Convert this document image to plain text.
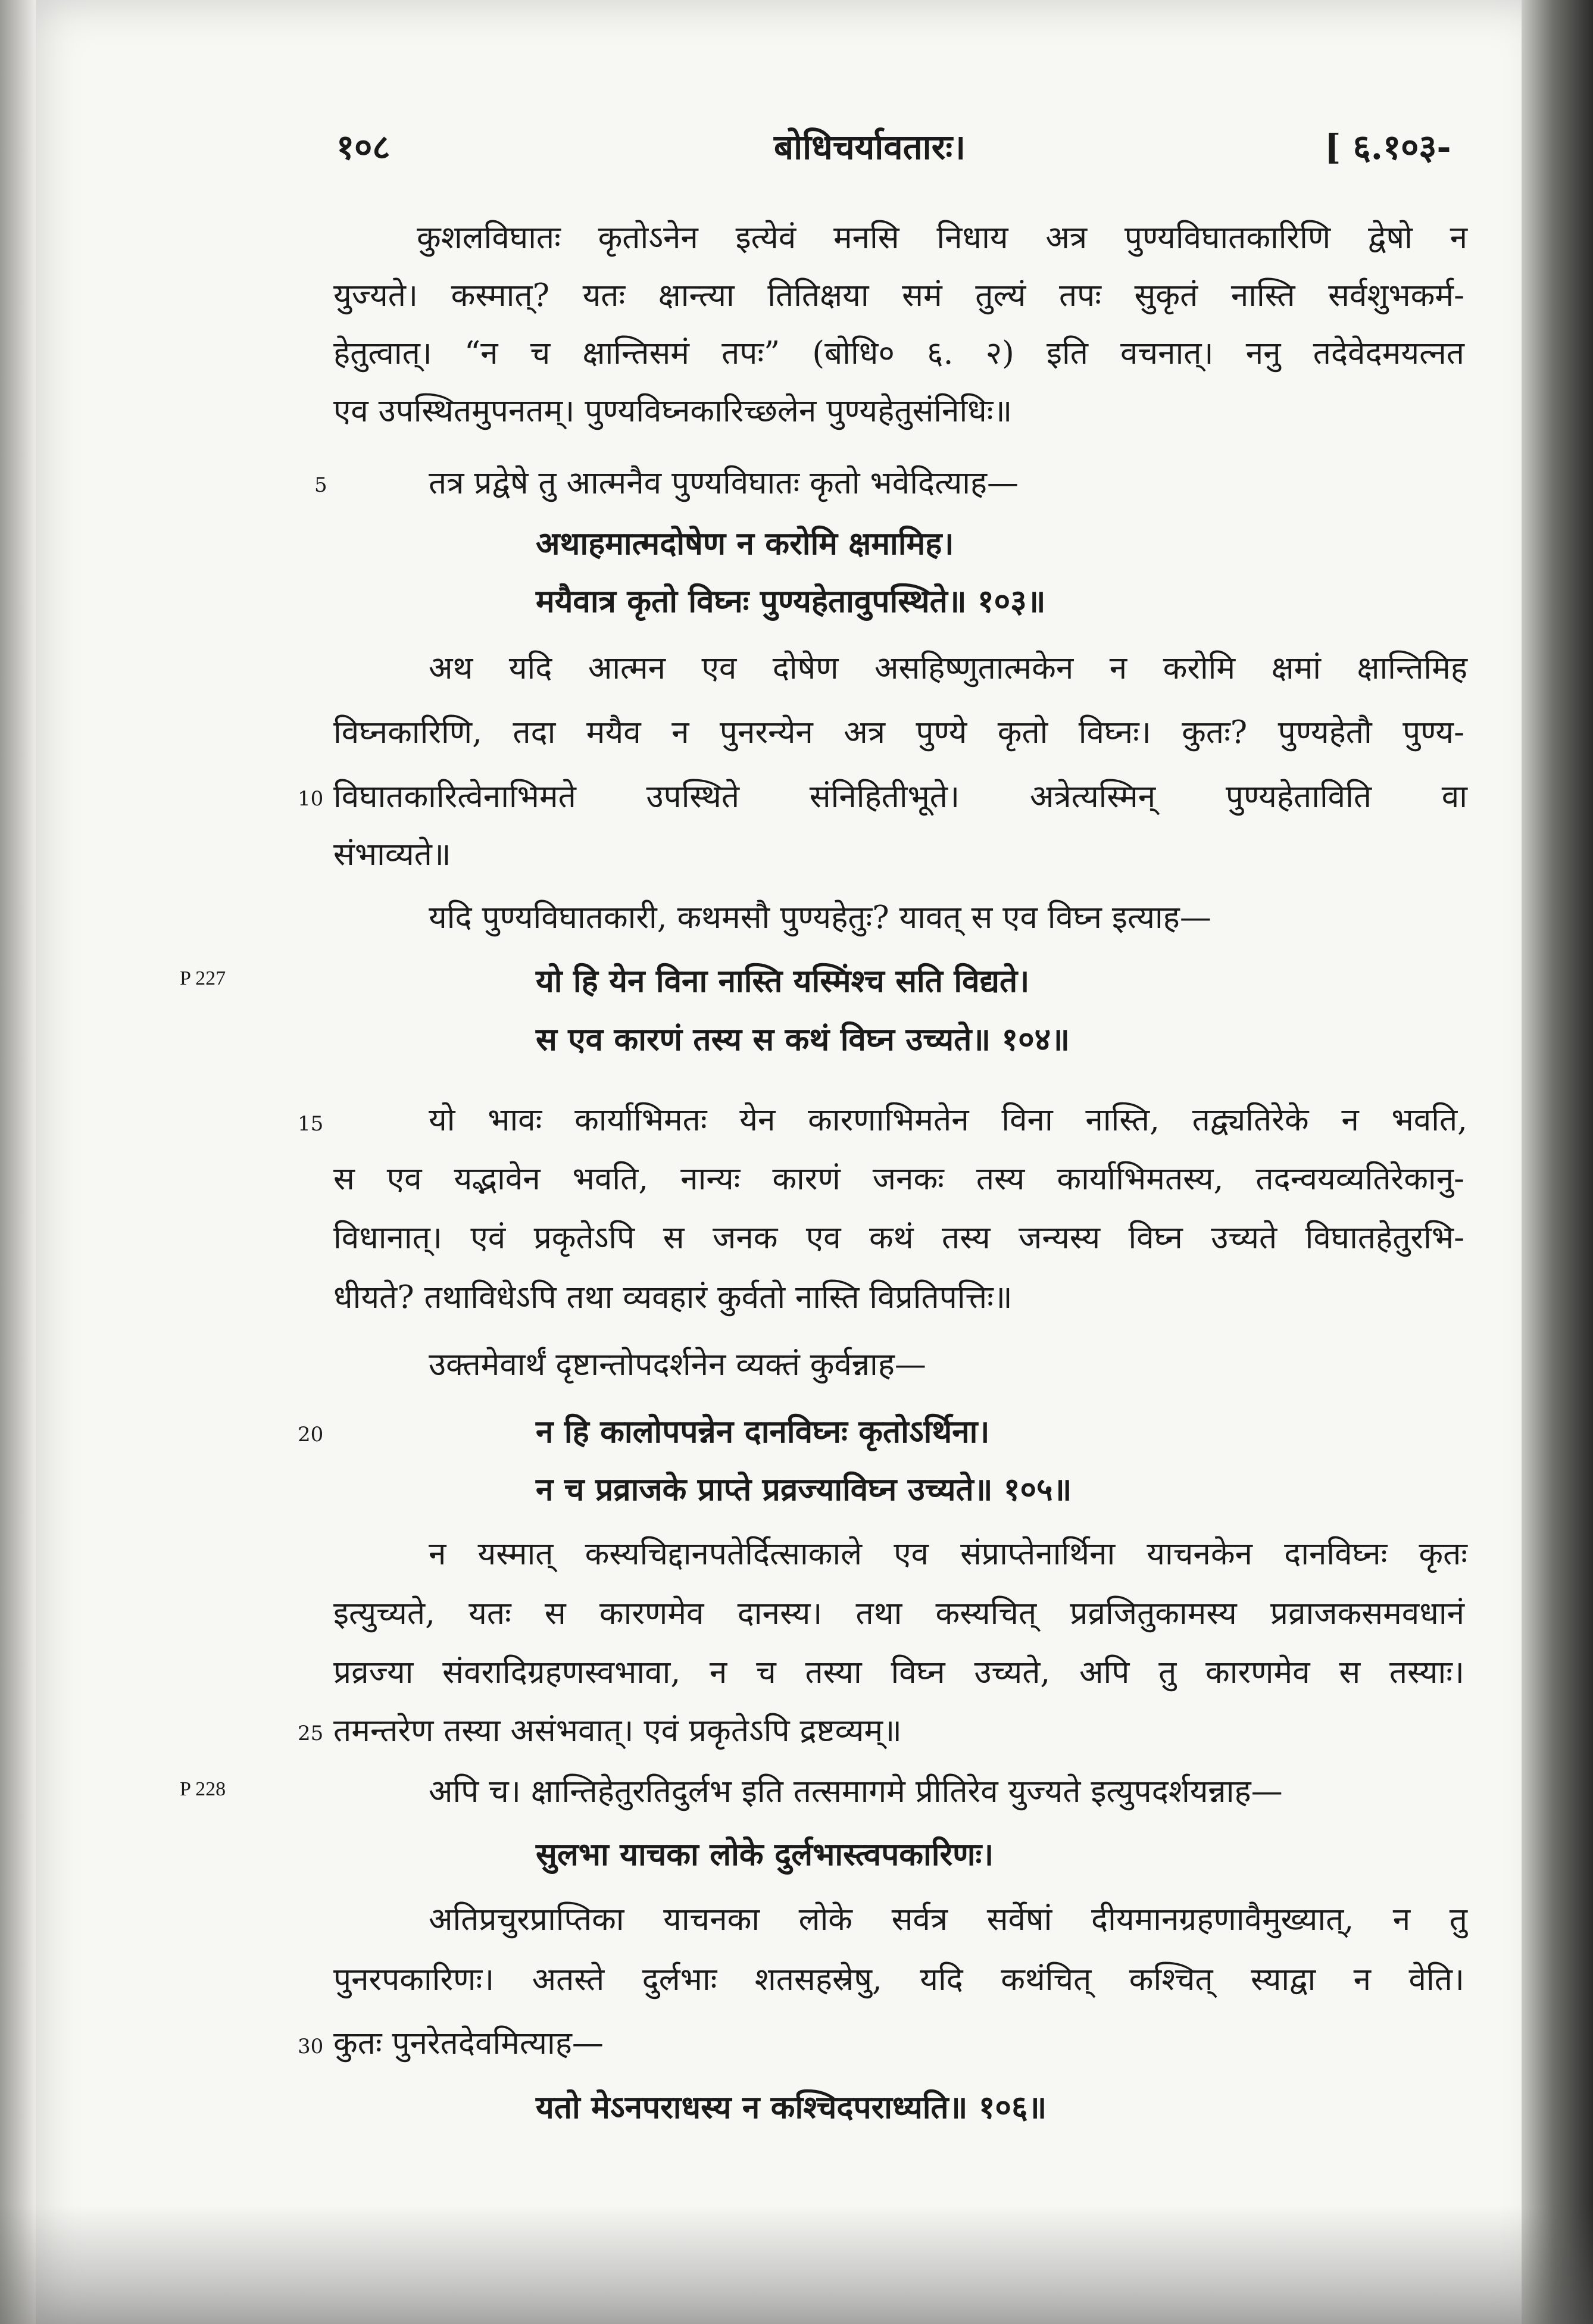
१०८	बोधिचर्यावतारः।	[ ६.१०३-
5
10
15
20
25
30
P 227
P 228
कुशलविघातः कृतोऽनेन इत्येवं मनसि निधाय अत्र पुण्यविघातकारिणि द्वेषो न
युज्यते। कस्मात्? यतः क्षान्त्या तितिक्षया समं तुल्यं तपः सुकृतं नास्ति सर्वशुभकर्म-
हेतुत्वात्। “न च क्षान्तिसमं तपः” (बोधि० ६. २) इति वचनात्। ननु तदेवेदमयत्नत
एव उपस्थितमुपनतम्। पुण्यविघ्नकारिच्छलेन पुण्यहेतुसंनिधिः॥
तत्र प्रद्वेषे तु आत्मनैव पुण्यविघातः कृतो भवेदित्याह—
अथाहमात्मदोषेण न करोमि क्षमामिह।
मयैवात्र कृतो विघ्नः पुण्यहेतावुपस्थिते॥ १०३॥
अथ यदि आत्मन एव दोषेण असहिष्णुतात्मकेन न करोमि क्षमां क्षान्तिमिह
विघ्नकारिणि, तदा मयैव न पुनरन्येन अत्र पुण्ये कृतो विघ्नः। कुतः? पुण्यहेतौ पुण्य-
विघातकारित्वेनाभिमते उपस्थिते संनिहितीभूते। अत्रेत्यस्मिन् पुण्यहेताविति वा
संभाव्यते॥
यदि पुण्यविघातकारी, कथमसौ पुण्यहेतुः? यावत् स एव विघ्न इत्याह—
यो हि येन विना नास्ति यस्मिंश्च सति विद्यते।
स एव कारणं तस्य स कथं विघ्न उच्यते॥ १०४॥
यो भावः कार्याभिमतः येन कारणाभिमतेन विना नास्ति, तद्व्यतिरेके न भवति,
स एव यद्भावेन भवति, नान्यः कारणं जनकः तस्य कार्याभिमतस्य, तदन्वयव्यतिरेकानु-
विधानात्। एवं प्रकृतेऽपि स जनक एव कथं तस्य जन्यस्य विघ्न उच्यते विघातहेतुरभि-
धीयते? तथाविधेऽपि तथा व्यवहारं कुर्वतो नास्ति विप्रतिपत्तिः॥
उक्तमेवार्थं दृष्टान्तोपदर्शनेन व्यक्तं कुर्वन्नाह—
न हि कालोपपन्नेन दानविघ्नः कृतोऽर्थिना।
न च प्रव्राजके प्राप्ते प्रव्रज्याविघ्न उच्यते॥ १०५॥
न यस्मात् कस्यचिद्दानपतेर्दित्साकाले एव संप्राप्तेनार्थिना याचनकेन दानविघ्नः कृतः
इत्युच्यते, यतः स कारणमेव दानस्य। तथा कस्यचित् प्रव्रजितुकामस्य प्रव्राजकसमवधानं
प्रव्रज्या संवरादिग्रहणस्वभावा, न च तस्या विघ्न उच्यते, अपि तु कारणमेव स तस्याः।
तमन्तरेण तस्या असंभवात्। एवं प्रकृतेऽपि द्रष्टव्यम्॥
अपि च। क्षान्तिहेतुरतिदुर्लभ इति तत्समागमे प्रीतिरेव युज्यते इत्युपदर्शयन्नाह—
सुलभा याचका लोके दुर्लभास्त्वपकारिणः।
अतिप्रचुरप्राप्तिका याचनका लोके सर्वत्र सर्वेषां दीयमानग्रहणावैमुख्यात्, न तु
पुनरपकारिणः। अतस्ते दुर्लभाः शतसहस्रेषु, यदि कथंचित् कश्चित् स्याद्वा न वेति।
कुतः पुनरेतदेवमित्याह—
यतो मेऽनपराधस्य न कश्चिदपराध्यति॥ १०६॥
